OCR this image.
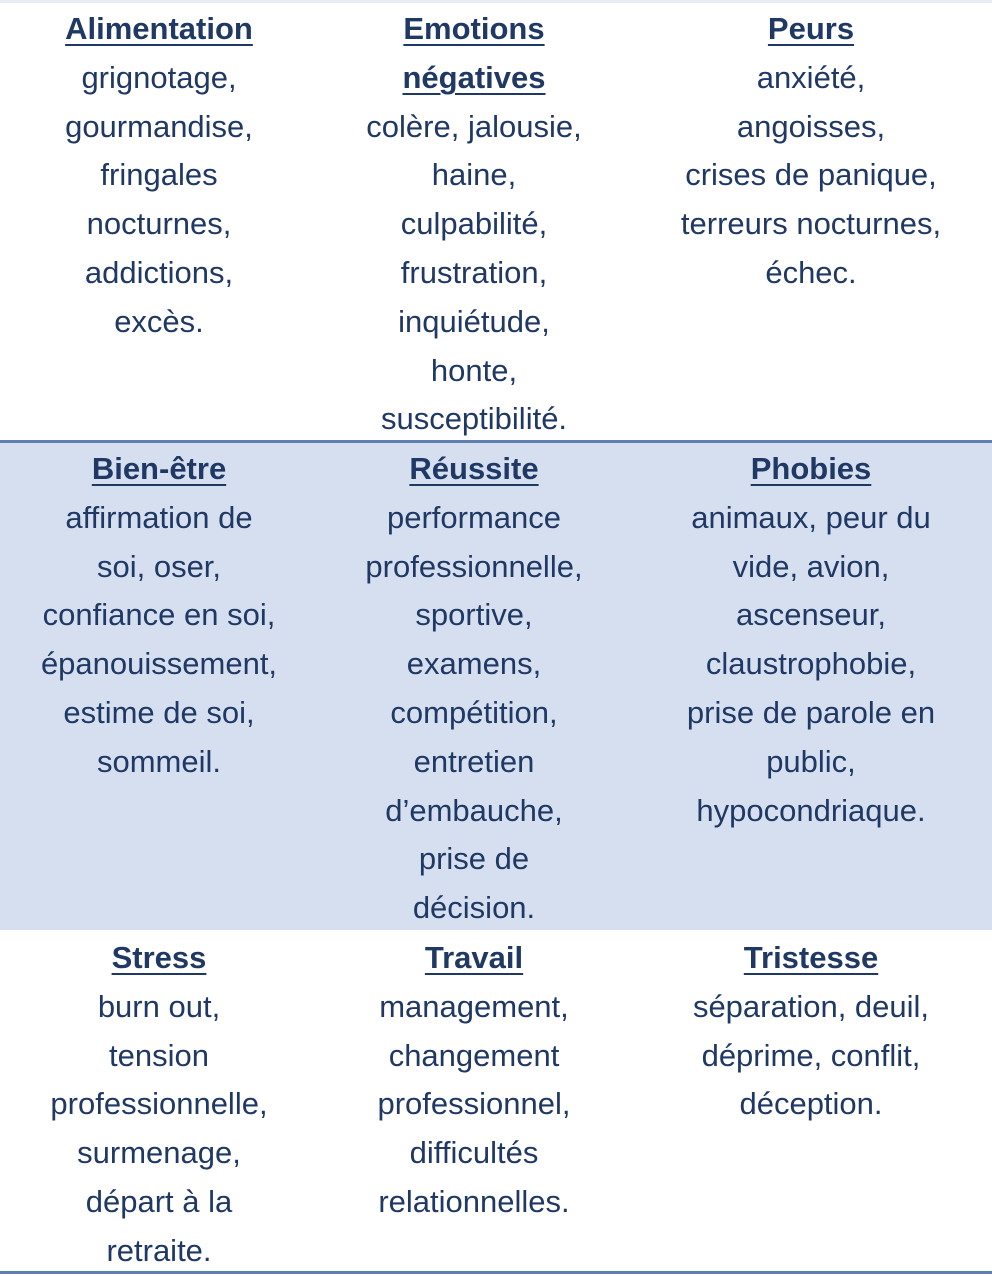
Alimentation
grignotage,
gourmandise,
fringales
nocturnes,
addictions,
excès.
Emotions
négatives
colère, jalousie,
haine,
culpabilité,
frustration,
inquiétude,
honte,
susceptibilité.
Peurs
anxiété,
angoisses,
crises de panique,
terreurs nocturnes,
échec.
Bien-être
affirmation de
soi, oser,
confiance en soi,
épanouissement,
estime de soi,
sommeil.
Réussite
performance
professionnelle,
sportive,
examens,
compétition,
entretien
d’embauche,
prise de
décision.
Phobies
animaux, peur du
vide, avion,
ascenseur,
claustrophobie,
prise de parole en
public,
hypocondriaque.
Stress
burn out,
tension
professionnelle,
surmenage,
départ à la
retraite.
Travail
management,
changement
professionnel,
difficultés
relationnelles.
Tristesse
séparation, deuil,
déprime, conflit,
déception.
